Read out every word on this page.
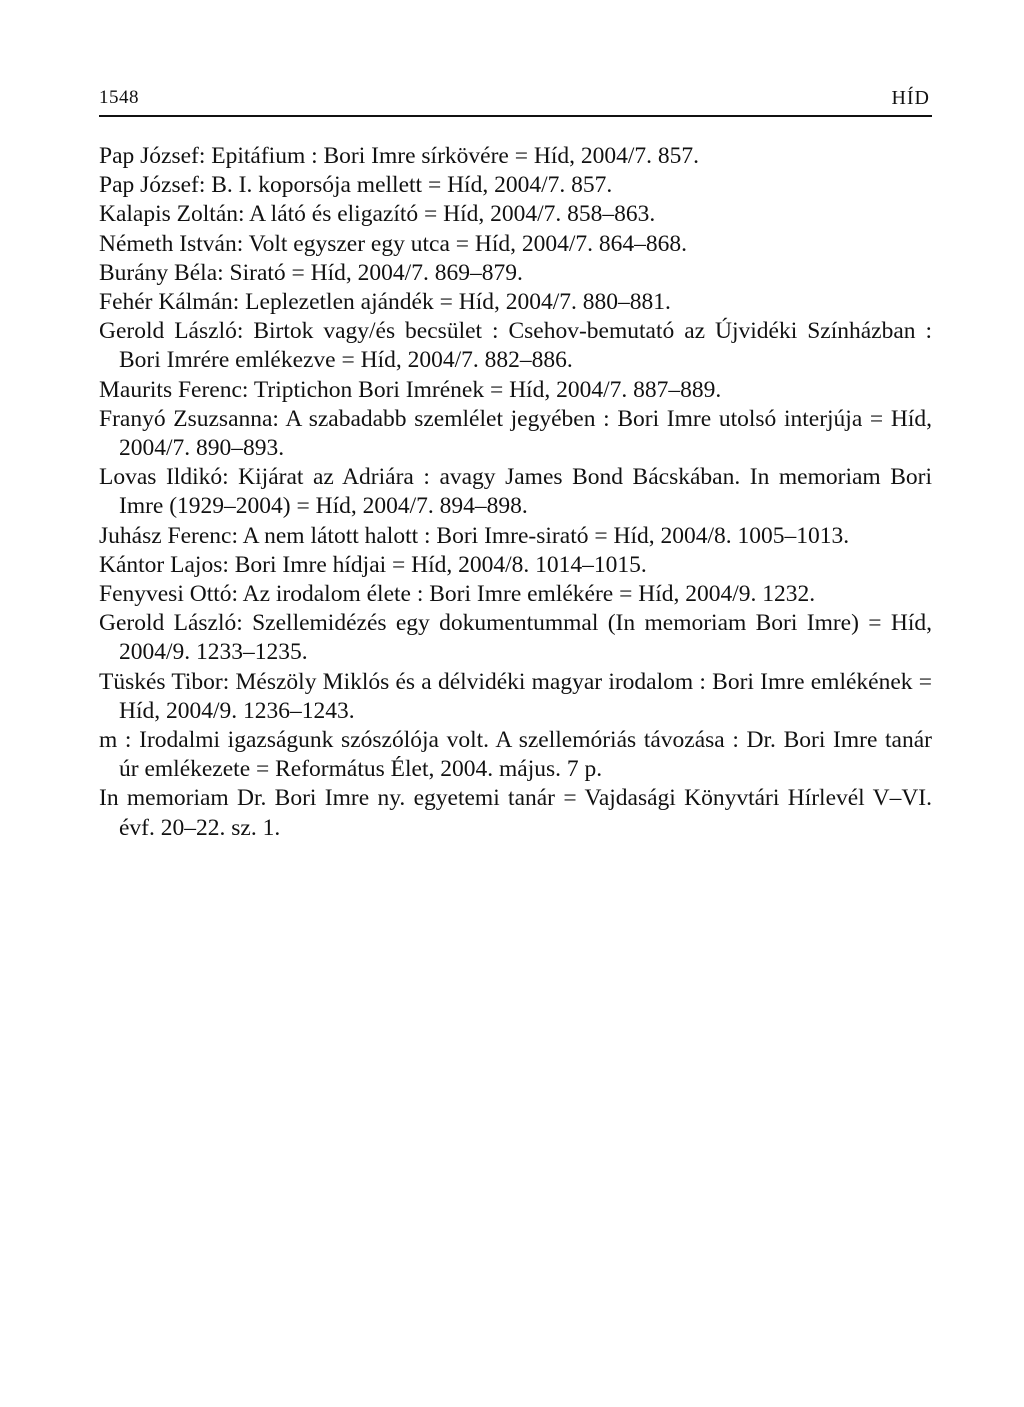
1548	HÍD
Pap József: Epitáfium : Bori Imre sírkövére = Híd, 2004/7. 857.
Pap József: B. I. koporsója mellett = Híd, 2004/7. 857.
Kalapis Zoltán: A látó és eligazító = Híd, 2004/7. 858–863.
Németh István: Volt egyszer egy utca = Híd, 2004/7. 864–868.
Burány Béla: Sirató = Híd, 2004/7. 869–879.
Fehér Kálmán: Leplezetlen ajándék = Híd, 2004/7. 880–881.
Gerold László: Birtok vagy/és becsület : Csehov-bemutató az Újvidéki Színházban : Bori Imrére emlékezve = Híd, 2004/7. 882–886.
Maurits Ferenc: Triptichon Bori Imrének = Híd, 2004/7. 887–889.
Franyó Zsuzsanna: A szabadabb szemlélet jegyében : Bori Imre utolsó interjúja = Híd, 2004/7. 890–893.
Lovas Ildikó: Kijárat az Adriára : avagy James Bond Bácskában. In memoriam Bori Imre (1929–2004) = Híd, 2004/7. 894–898.
Juhász Ferenc: A nem látott halott : Bori Imre-sirató = Híd, 2004/8. 1005–1013.
Kántor Lajos: Bori Imre hídjai = Híd, 2004/8. 1014–1015.
Fenyvesi Ottó: Az irodalom élete : Bori Imre emlékére = Híd, 2004/9. 1232.
Gerold László: Szellemidézés egy dokumentummal (In memoriam Bori Imre) = Híd, 2004/9. 1233–1235.
Tüskés Tibor: Mészöly Miklós és a délvidéki magyar irodalom : Bori Imre emlékének = Híd, 2004/9. 1236–1243.
m : Irodalmi igazságunk szószólója volt. A szellemóriás távozása : Dr. Bori Imre tanár úr emlékezete = Református Élet, 2004. május. 7 p.
In memoriam Dr. Bori Imre ny. egyetemi tanár = Vajdasági Könyvtári Hírlevél V–VI. évf. 20–22. sz. 1.
